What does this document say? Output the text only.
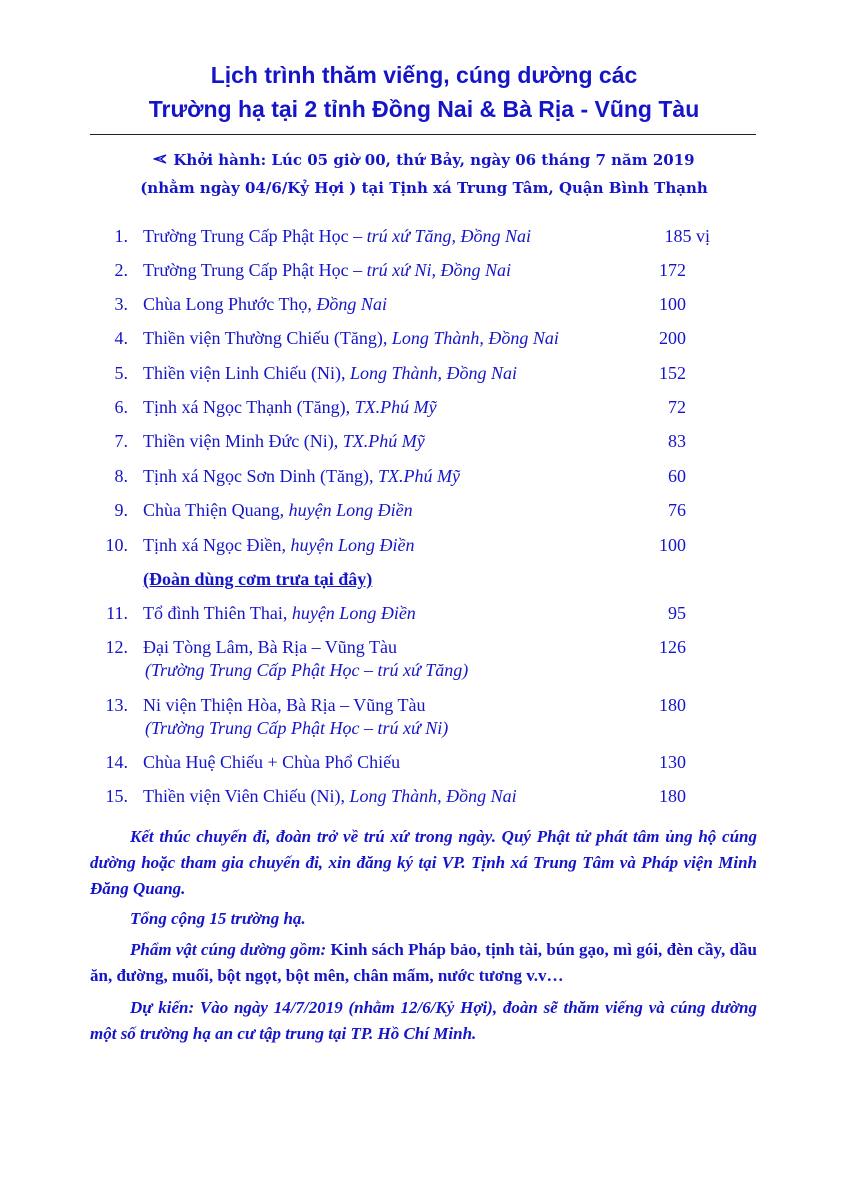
Lịch trình thăm viếng, cúng dường các
Trường hạ tại 2 tỉnh Đồng Nai & Bà Rịa - Vũng Tàu
Khởi hành: Lúc 05 giờ 00, thứ Bảy, ngày 06 tháng 7 năm 2019
(nhằm ngày 04/6/Kỷ Hợi ) tại Tịnh xá Trung Tâm, Quận Bình Thạnh
1. Trường Trung Cấp Phật Học – trú xứ Tăng, Đồng Nai	185 vị
2. Trường Trung Cấp Phật Học – trú xứ Ni, Đồng Nai	172
3. Chùa Long Phước Thọ, Đồng Nai	100
4. Thiền viện Thường Chiếu (Tăng), Long Thành, Đồng Nai	200
5. Thiền viện Linh Chiếu (Ni), Long Thành, Đồng Nai	152
6. Tịnh xá Ngọc Thạnh (Tăng), TX.Phú Mỹ	72
7. Thiền viện Minh Đức (Ni), TX.Phú Mỹ	83
8. Tịnh xá Ngọc Sơn Dinh (Tăng), TX.Phú Mỹ	60
9. Chùa Thiện Quang, huyện Long Điền	76
10. Tịnh xá Ngọc Điền, huyện Long Điền	100
(Đoàn dùng cơm trưa tại đây)
11. Tổ đình Thiên Thai, huyện Long Điền	95
12. Đại Tòng Lâm, Bà Rịa – Vũng Tàu	126
(Trường Trung Cấp Phật Học – trú xứ Tăng)
13. Ni viện Thiện Hòa, Bà Rịa – Vũng Tàu	180
(Trường Trung Cấp Phật Học – trú xứ Ni)
14. Chùa Huệ Chiếu + Chùa Phổ Chiếu	130
15. Thiền viện Viên Chiếu (Ni), Long Thành, Đồng Nai	180
Kết thúc chuyến đi, đoàn trở về trú xứ trong ngày. Quý Phật tử phát tâm ủng hộ cúng dường hoặc tham gia chuyến đi, xin đăng ký tại VP. Tịnh xá Trung Tâm và Pháp viện Minh Đăng Quang.
Tổng cộng 15 trường hạ.
Phẩm vật cúng dường gồm: Kinh sách Pháp bảo, tịnh tài, bún gạo, mì gói, đèn cầy, dầu ăn, đường, muối, bột ngọt, bột mên, chân mấm, nước tương v.v…
Dự kiến: Vào ngày 14/7/2019 (nhằm 12/6/Kỷ Hợi), đoàn sẽ thăm viếng và cúng dường một số trường hạ an cư tập trung tại TP. Hồ Chí Minh.
